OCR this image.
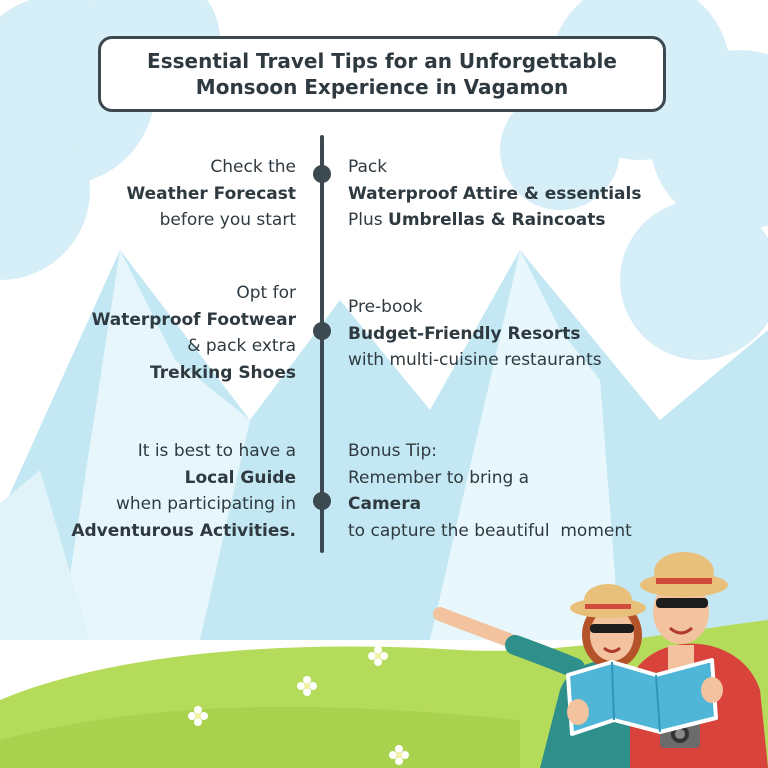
Essential Travel Tips for an Unforgettable
Monsoon Experience in Vagamon
Check the
Weather Forecast
before you start
Opt for
Waterproof Footwear
& pack extra
Trekking Shoes
It is best to have a
Local Guide
when participating in
Adventurous Activities.
Pack
Waterproof Attire & essentials
Plus Umbrellas & Raincoats
Pre-book
Budget-Friendly Resorts
with multi-cuisine restaurants
Bonus Tip:
Remember to bring a
Camera
to capture the beautiful  moment
